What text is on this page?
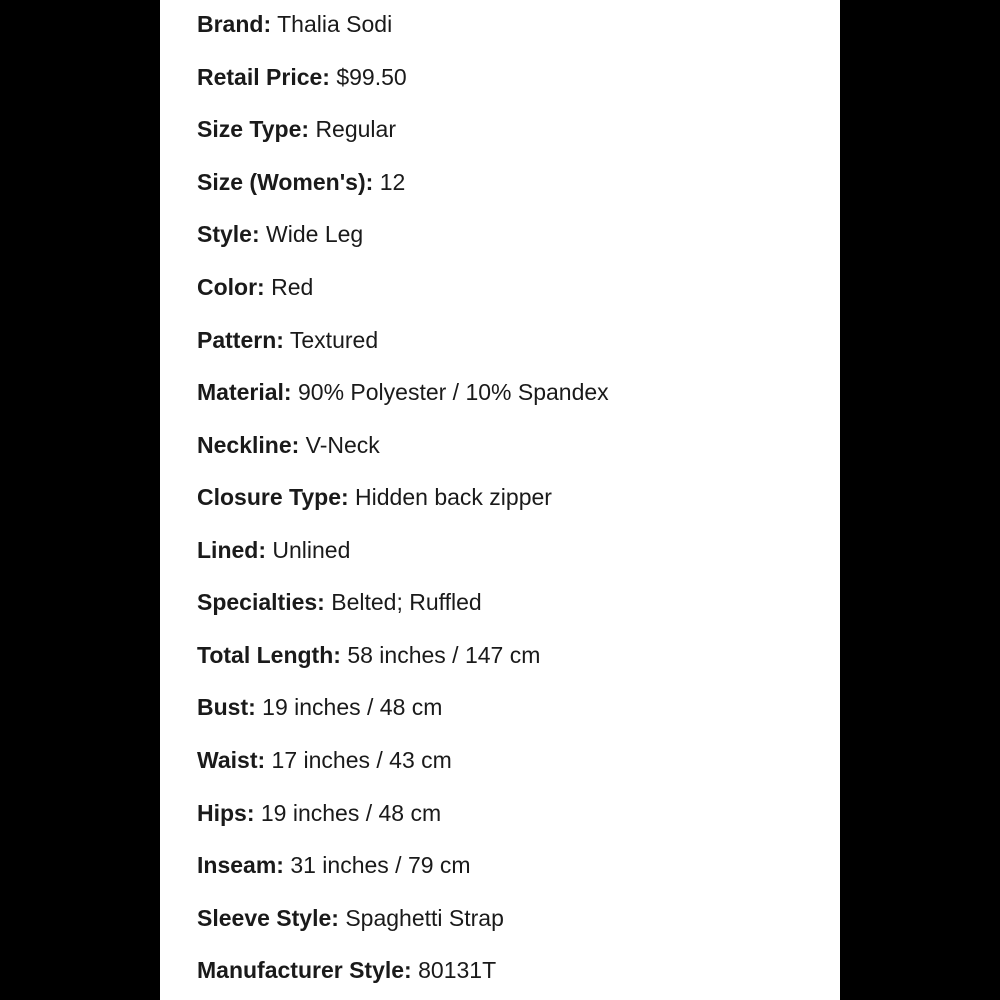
Brand: Thalia Sodi
Retail Price: $99.50
Size Type: Regular
Size (Women's): 12
Style: Wide Leg
Color: Red
Pattern: Textured
Material: 90% Polyester / 10% Spandex
Neckline: V-Neck
Closure Type: Hidden back zipper
Lined: Unlined
Specialties: Belted; Ruffled
Total Length: 58 inches / 147 cm
Bust: 19 inches / 48 cm
Waist: 17 inches / 43 cm
Hips: 19 inches / 48 cm
Inseam: 31 inches / 79 cm
Sleeve Style: Spaghetti Strap
Manufacturer Style: 80131T
